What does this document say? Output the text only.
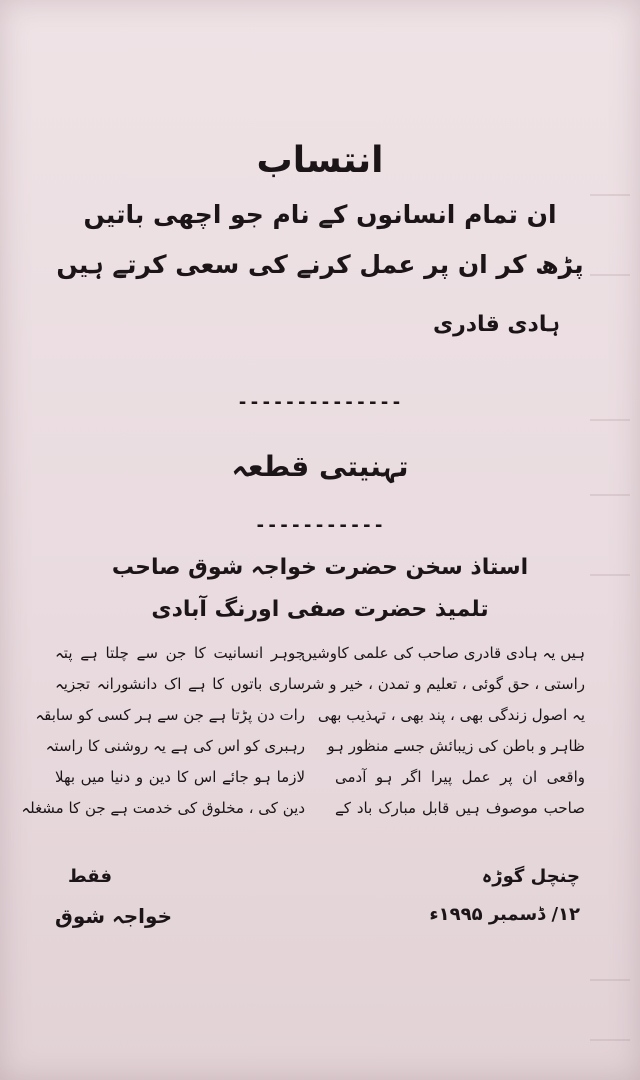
انتساب
ان تمام انسانوں کے نام جو اچھی باتیں
پڑھ کر ان پر عمل کرنے کی سعی کرتے ہیں
ہادی قادری
--------------
تہنیتی قطعہ
-----------
استاذ سخن حضرت خواجہ شوق صاحب
تلمیذ حضرت صفی اورنگ آبادی
ہیں یہ ہادی قادری صاحب کی علمی کاوشیں
راستی ، حق گوئی ، تعلیم و تمدن ، خیر و شر
یہ اصول زندگی بھی ، پند بھی ، تہذیب بھی
ظاہر و باطن کی زیبائش جسے منظور ہو
واقعی ان پر عمل پیرا اگر ہو آدمی
صاحب موصوف ہیں قابل مبارک باد کے
جوہر انسانیت کا جن سے چلتا ہے پتہ
ساری باتوں کا ہے اک دانشورانہ تجزیہ
رات دن پڑتا ہے جن سے ہر کسی کو سابقہ
رہبری کو اس کی ہے یہ روشنی کا راستہ
لازما ہو جائے اس کا دین و دنیا میں بھلا
دین کی ، مخلوق کی خدمت ہے جن کا مشغلہ
چنچل گوڑہ
۱۲/ ڈسمبر ۱۹۹۵ء
فقط
خواجہ شوق
